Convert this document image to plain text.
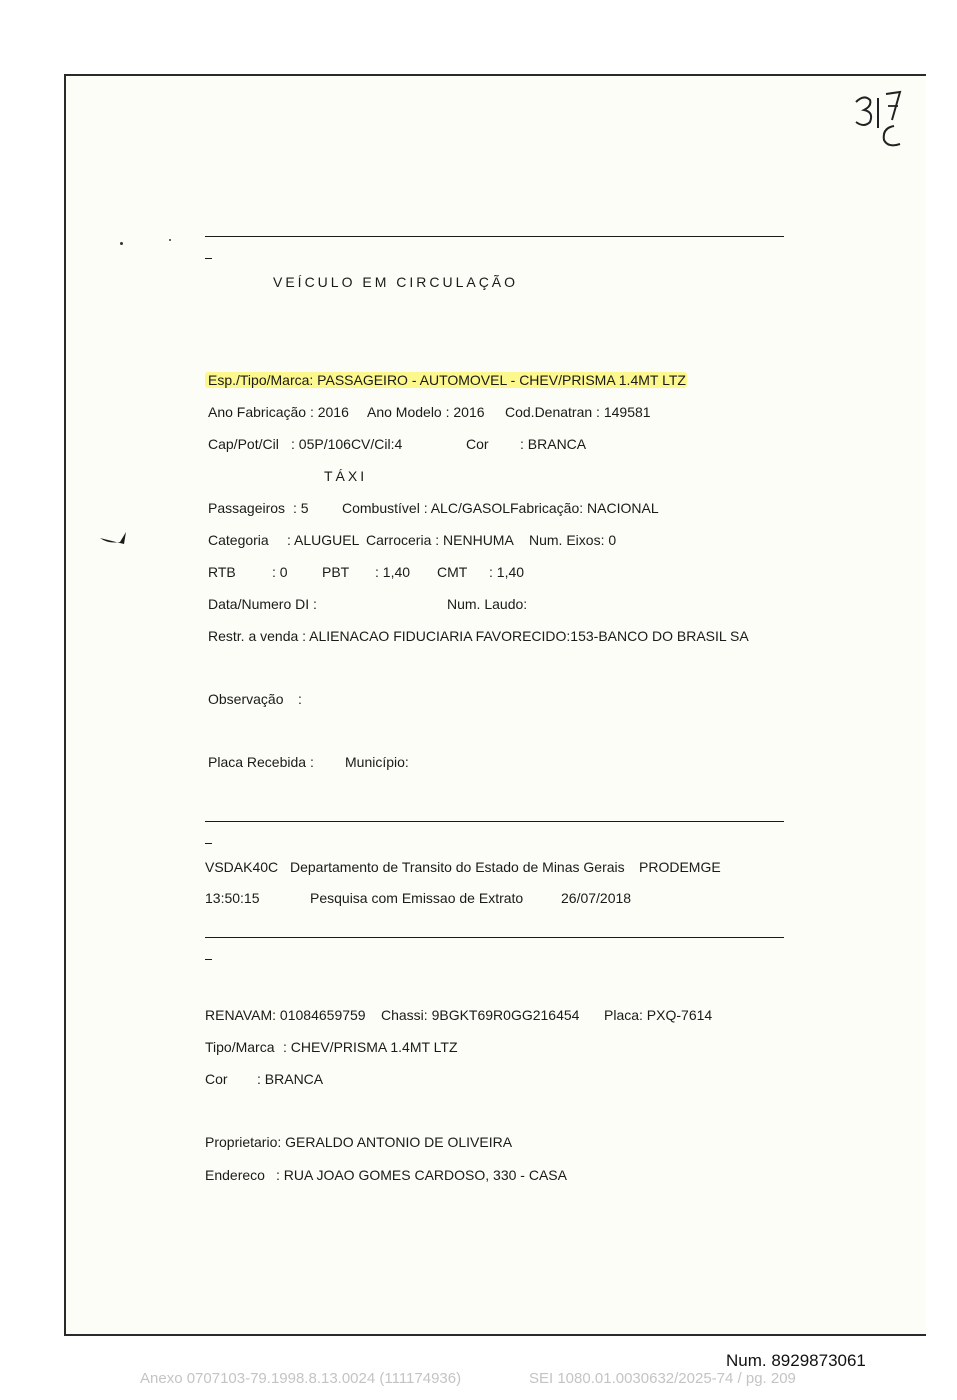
VEÍCULO EM CIRCULAÇÃO
Esp./Tipo/Marca: PASSAGEIRO - AUTOMOVEL - CHEV/PRISMA 1.4MT LTZ
Ano Fabricação : 2016 Ano Modelo : 2016 Cod.Denatran : 149581
Cap/Pot/Cil : 05P/106CV/Cil:4	Cor : BRANCA
TÁXI
Passageiros : 5 Combustível : ALC/GASOL Fabricação: NACIONAL
Categoria : ALUGUEL Carroceria : NENHUMA Num. Eixos: 0
RTB	: 0 PBT : 1,40 CMT : 1,40
Data/Numero DI :	Num. Laudo:
Restr. a venda : ALIENACAO FIDUCIARIA FAVORECIDO:153-BANCO DO BRASIL SA
Observação :
Placa Recebida : Município:
VSDAK40C Departamento de Transito do Estado de Minas Gerais PRODEMGE
13:50:15	Pesquisa com Emissao de Extrato	26/07/2018
RENAVAM: 01084659759 Chassi: 9BGKT69R0GG216454 Placa: PXQ-7614
Tipo/Marca : CHEV/PRISMA 1.4MT LTZ
Cor : BRANCA
Proprietario: GERALDO ANTONIO DE OLIVEIRA
Endereco : RUA JOAO GOMES CARDOSO, 330 - CASA
Num. 8929873061
Anexo 0707103-79.1998.8.13.0024 (111174936)	SEI 1080.01.0030632/2025-74 / pg. 209
